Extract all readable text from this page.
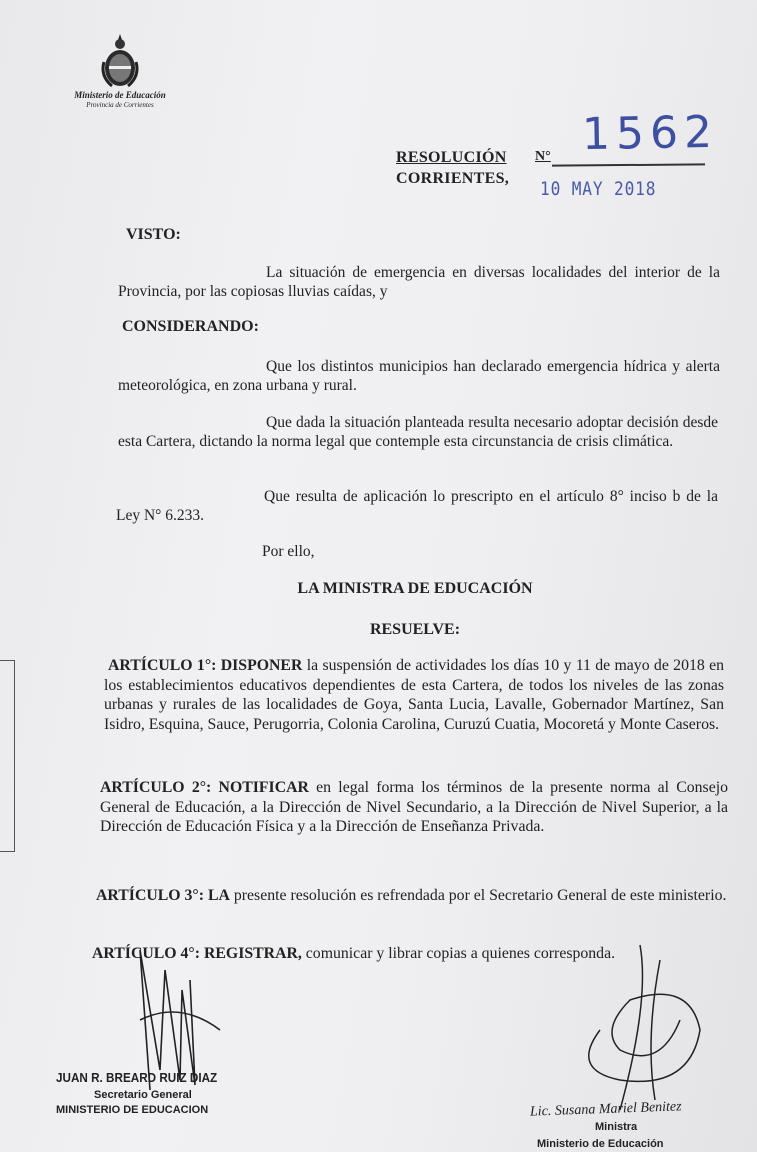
Ministerio de Educación
Provincia de Corrientes
1562
RESOLUCIÓN N°
CORRIENTES, 10 MAY 2018
VISTO:
La situación de emergencia en diversas localidades del interior de la Provincia, por las copiosas lluvias caídas, y
CONSIDERANDO:
Que los distintos municipios han declarado emergencia hídrica y alerta meteorológica, en zona urbana y rural.
Que dada la situación planteada resulta necesario adoptar decisión desde esta Cartera, dictando la norma legal que contemple esta circunstancia de crisis climática.
Que resulta de aplicación lo prescripto en el artículo 8° inciso b de la Ley N° 6.233.
Por ello,
LA MINISTRA DE EDUCACIÓN
RESUELVE:
ARTÍCULO 1°: DISPONER la suspensión de actividades los días 10 y 11 de mayo de 2018 en los establecimientos educativos dependientes de esta Cartera, de todos los niveles de las zonas urbanas y rurales de las localidades de Goya, Santa Lucia, Lavalle, Gobernador Martínez, San Isidro, Esquina, Sauce, Perugorria, Colonia Carolina, Curuzú Cuatia, Mocoretá y Monte Caseros.
ARTÍCULO 2°: NOTIFICAR en legal forma los términos de la presente norma al Consejo General de Educación, a la Dirección de Nivel Secundario, a la Dirección de Nivel Superior, a la Dirección de Educación Física y a la Dirección de Enseñanza Privada.
ARTÍCULO 3°: LA presente resolución es refrendada por el Secretario General de este ministerio.
ARTÍCULO 4°: REGISTRAR, comunicar y librar copias a quienes corresponda.
JUAN R. BREARD RUIZ DIAZ
Secretario General
MINISTERIO DE EDUCACION	Lic. Susana Mariel Benitez
Ministra
Ministerio de Educación
